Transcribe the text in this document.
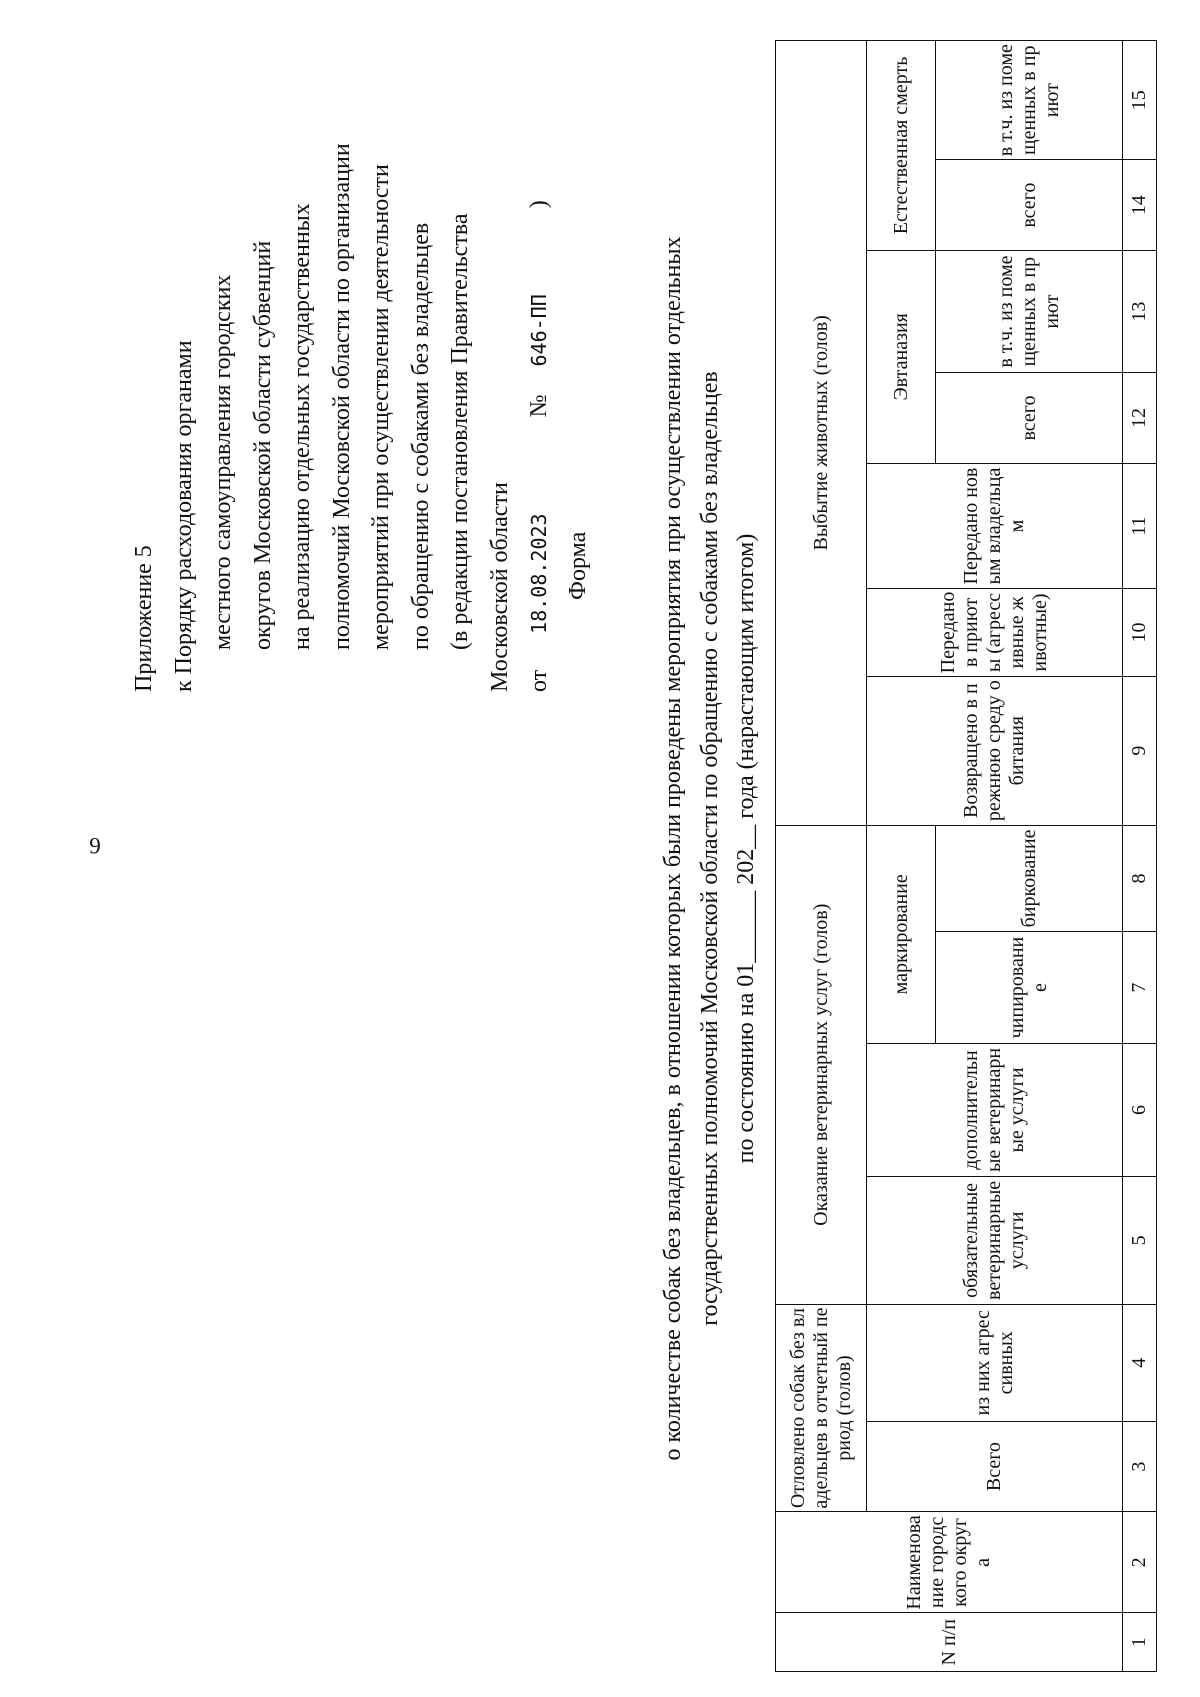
9
Приложение 5 к Порядку расходования органами местного самоуправления городских округов Московской области субвенций на реализацию отдельных государственных полномочий Московской области по организации мероприятий при осуществлении деятельности по обращению с собаками без владельцев (в редакции постановления Правительства Московской области от 18.08.2023 № 646-ПП )
Форма	о количестве собак без владельцев, в отношении которых были проведены мероприятия при осуществлении отдельных государственных полномочий Московской области по обращению с собаками без владельцев по состоянию на 01______ 202__ года (нарастающим итогом)
N п/п	Наименование городского округа	Отловлено собак без владельцев в отчетный период (голов)		Оказание ветеринарных услуг (голов)				Выбытие животных (голов)						
		Всего	из них агрессивных	обязательные ветеринарные услуги	дополнительные ветеринарные услуги	маркирование		Возвращено в прежнюю среду обитания	Передано в приюты (агрессивные животные)	Передано новым владельцам	Эвтаназия		Естественная смерть	
						чипирование	биркование				всего	в т.ч. из помещенных в приют	всего	в т.ч. из помещенных в приют
1	2	3	4	5	6	7	8	9	10	11	12	13	14	15
